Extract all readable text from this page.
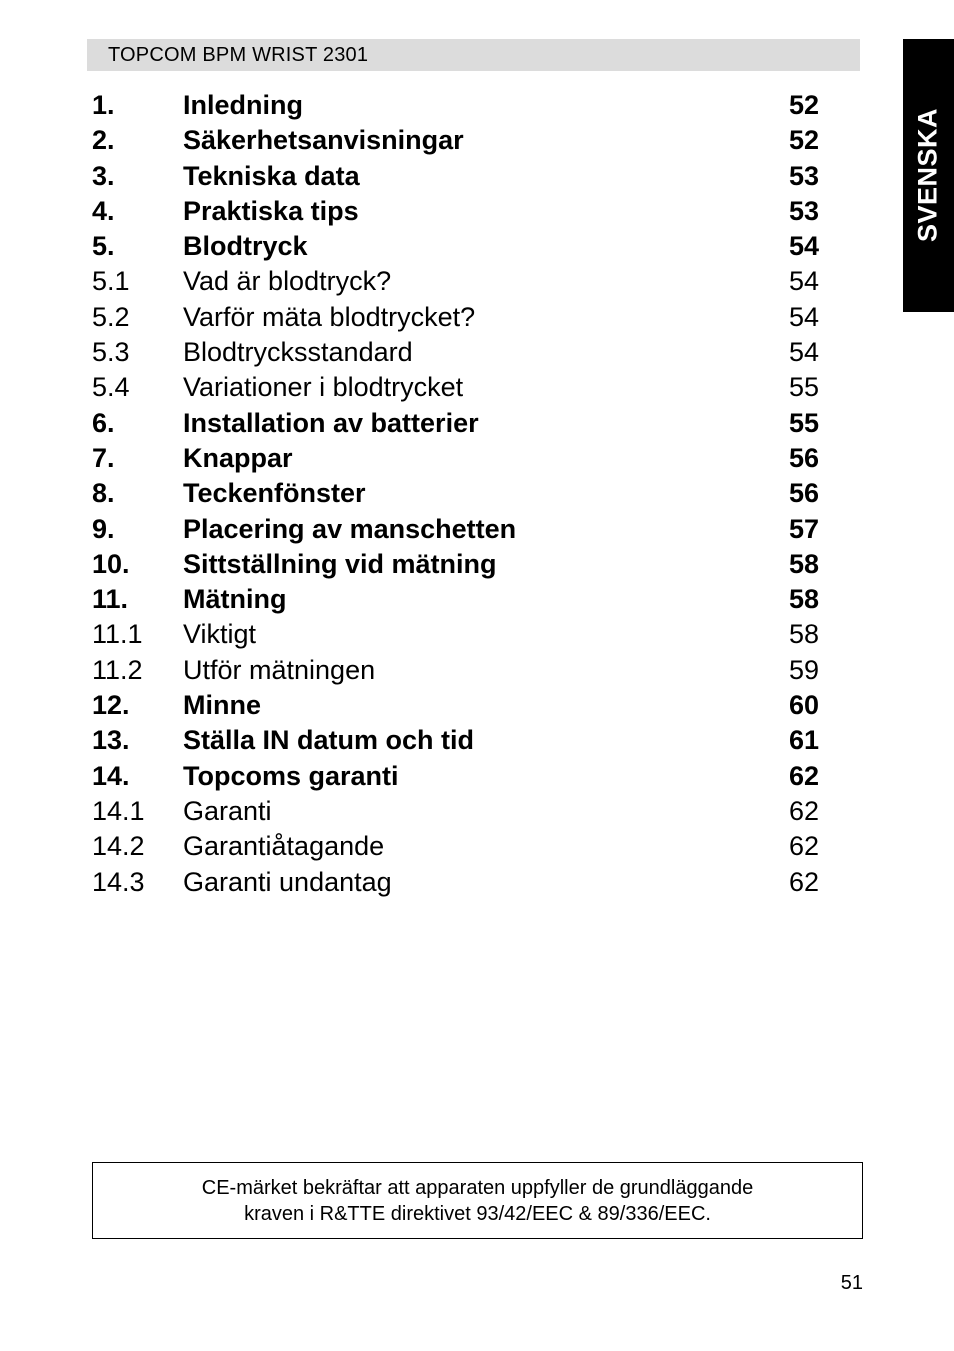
TOPCOM BPM WRIST 2301
SVENSKA
1.	Inledning	52
2.	Säkerhetsanvisningar	52
3.	Tekniska data	53
4.	Praktiska tips	53
5.	Blodtryck	54
5.1 Vad är blodtryck?	54
5.2 Varför mäta blodtrycket?	54
5.3 Blodtrycksstandard	54
5.4 Variationer i blodtrycket	55
6.	Installation av batterier	55
7.	Knappar	56
8.	Teckenfönster	56
9.	Placering av manschetten	57
10. Sittställning vid mätning	58
11. Mätning	58
11.1 Viktigt	58
11.2 Utför mätningen	59
12. Minne	60
13. Ställa IN datum och tid	61
14. Topcoms garanti	62
14.1 Garanti	62
14.2 Garantiåtagande	62
14.3 Garanti undantag	62
CE-märket bekräftar att apparaten uppfyller de grundläggande
kraven i R&TTE direktivet 93/42/EEC & 89/336/EEC.
51
